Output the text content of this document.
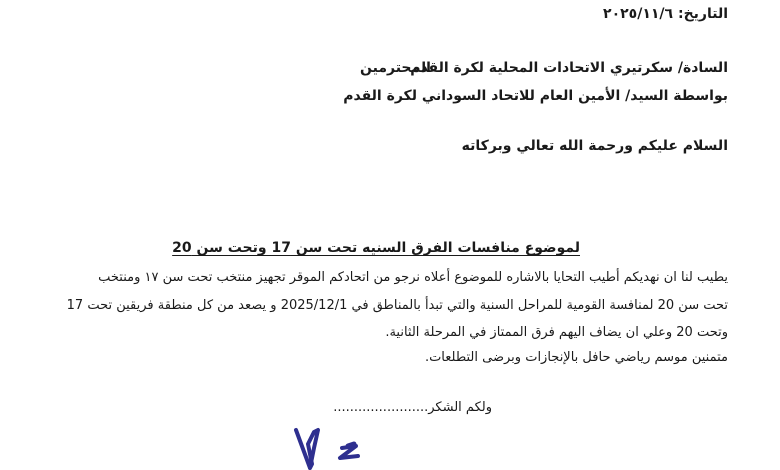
التاريخ: ٢٠٢٥/١١/٦
السادة/ سكرتيري الاتحادات المحلية لكرة القدم
المحترمين
بواسطة السيد/ الأمين العام للاتحاد السوداني لكرة القدم
السلام عليكم ورحمة الله تعالي وبركاته
لموضوع منافسات الفرق السنيه تحت سن 17 وتحت سن 20
يطيب لنا ان نهديكم أطيب التحايا بالاشاره للموضوع أعلاه نرجو من اتحادكم الموقر تجهيز منتخب تحت سن ١٧ ومنتخب
تحت سن 20 لمنافسة القومية للمراحل السنية والتي تبدأ بالمناطق في 2025/12/1 و يصعد من كل منطقة فريقين تحت 17
وتحت 20 وعلي ان يضاف اليهم فرق الممتاز في المرحلة الثانية.
متمنين موسم رياضي حافل بالإنجازات وبرضى التطلعات.
ولكم الشكر.......................
